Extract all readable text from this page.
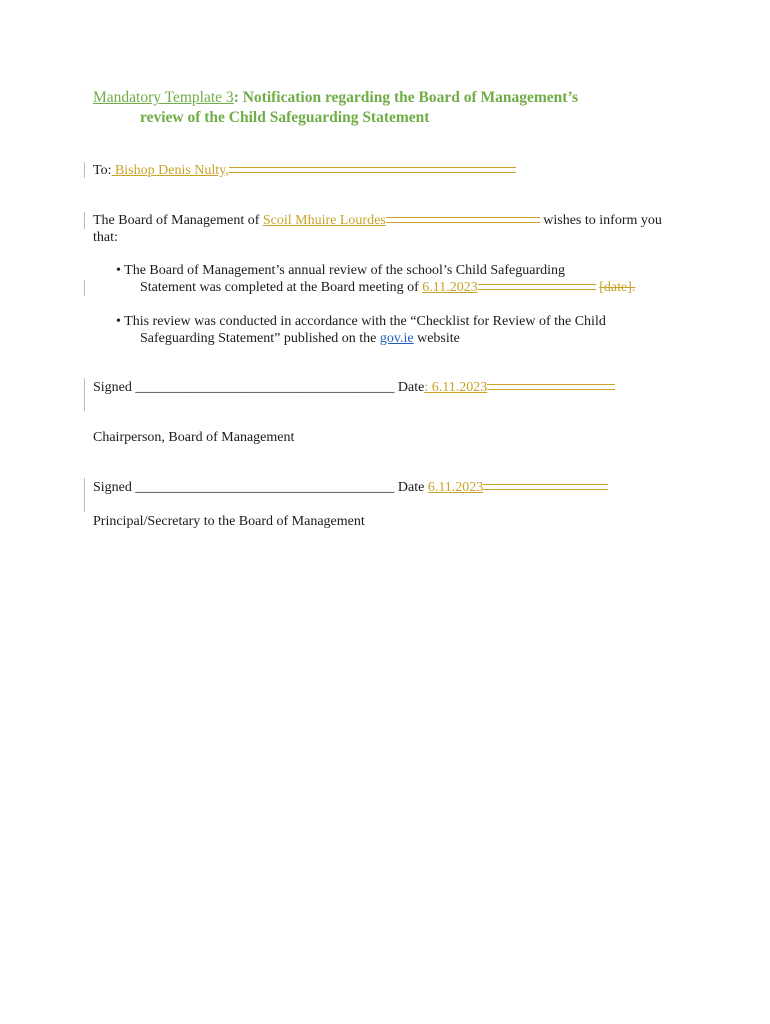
Mandatory Template 3: Notification regarding the Board of Management’s
review of the Child Safeguarding Statement
To: Bishop Denis Nulty,
The Board of Management of Scoil Mhuire Lourdes	wishes to inform you
that:
• The Board of Management’s annual review of the school’s Child Safeguarding
Statement was completed at the Board meeting of 6.11.2023	[date].
• This review was conducted in accordance with the “Checklist for Review of the Child
Safeguarding Statement” published on the gov.ie website
Signed _____________________________________ Date: 6.11.2023
Chairperson, Board of Management
Signed _____________________________________ Date 6.11.2023
Principal/Secretary to the Board of Management
